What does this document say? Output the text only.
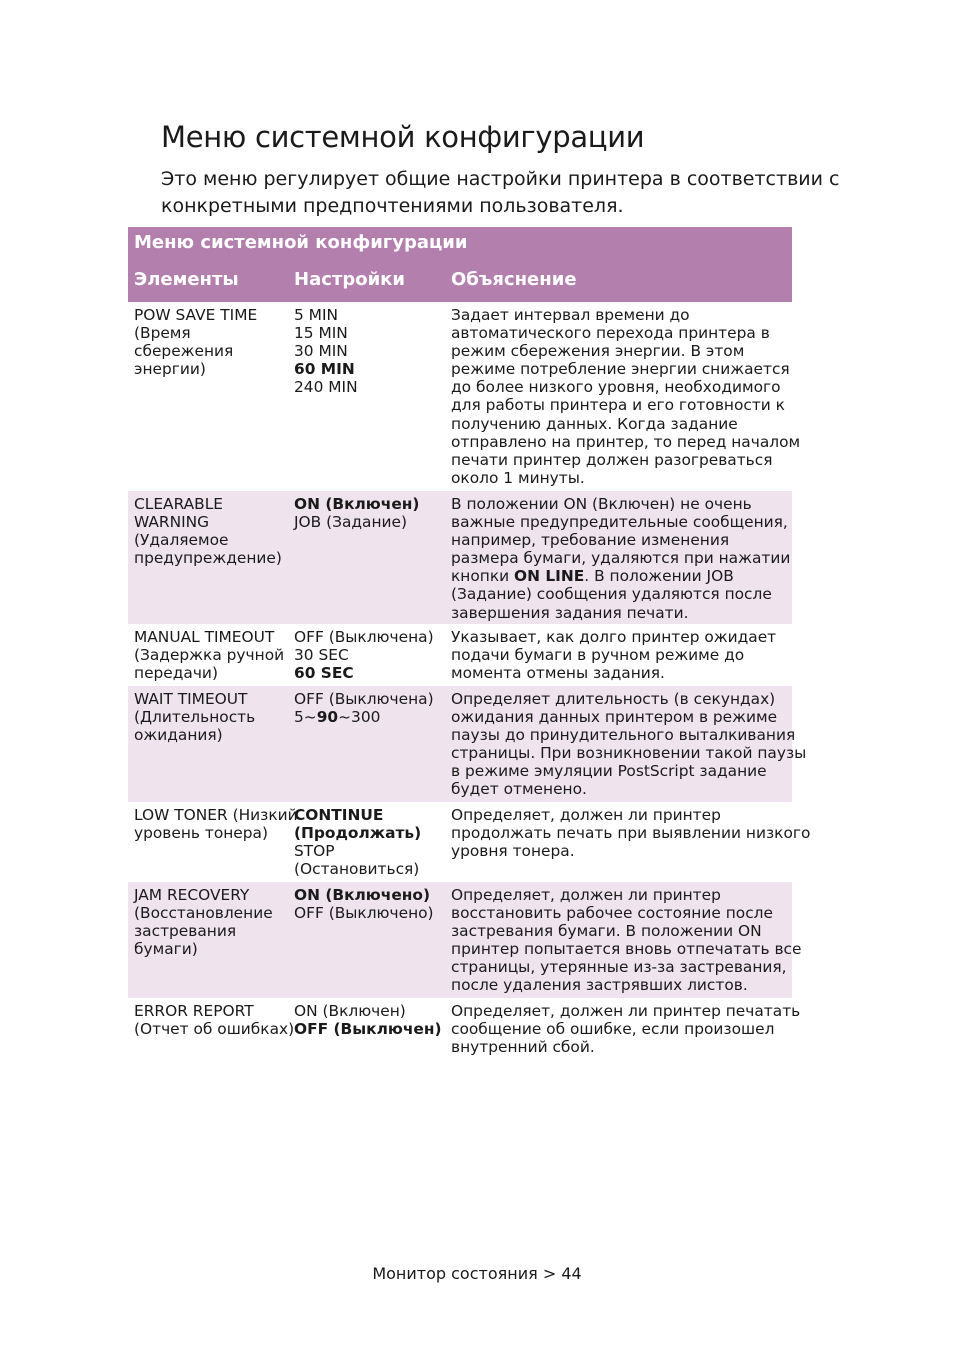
Меню системной конфигурации
Это меню регулирует общие настройки принтера в соответствии с
конкретными предпочтениями пользователя.
Меню системной конфигурации
Элементы	Настройки	Объяснение
POW SAVE TIME
(Время
сбережения
энергии)
5 MIN
15 MIN
30 MIN
60 MIN
240 MIN
Задает интервал времени до
автоматического перехода принтера в
режим сбережения энергии. В этом
режиме потребление энергии снижается
до более низкого уровня, необходимого
для работы принтера и его готовности к
получению данных. Когда задание
отправлено на принтер, то перед началом
печати принтер должен разогреваться
около 1 минуты.
CLEARABLE
WARNING
(Удаляемое
предупреждение)
ON (Включен)
JOB (Задание)
В положении ON (Включен) не очень
важные предупредительные сообщения,
например, требование изменения
размера бумаги, удаляются при нажатии
кнопки ON LINE. В положении JOB
(Задание) сообщения удаляются после
завершения задания печати.
MANUAL TIMEOUT
(Задержка ручной
передачи)
OFF (Выключена)
30 SEC
60 SEC
Указывает, как долго принтер ожидает
подачи бумаги в ручном режиме до
момента отмены задания.
WAIT TIMEOUT
(Длительность
ожидания)
OFF (Выключена)
5~90~300
Определяет длительность (в секундах)
ожидания данных принтером в режиме
паузы до принудительного выталкивания
страницы. При возникновении такой паузы
в режиме эмуляции PostScript задание
будет отменено.
LOW TONER (Низкий
уровень тонера)
CONTINUE
(Продолжать)
STOP
(Остановиться)
Определяет, должен ли принтер
продолжать печать при выявлении низкого
уровня тонера.
JAM RECOVERY
(Восстановление
застревания
бумаги)
ON (Включено)
OFF (Выключено)
Определяет, должен ли принтер
восстановить рабочее состояние после
застревания бумаги. В положении ON
принтер попытается вновь отпечатать все
страницы, утерянные из-за застревания,
после удаления застрявших листов.
ERROR REPORT
(Отчет об ошибках)
ON (Включен)
OFF (Выключен)
Определяет, должен ли принтер печатать
сообщение об ошибке, если произошел
внутренний сбой.
Монитор состояния > 44
